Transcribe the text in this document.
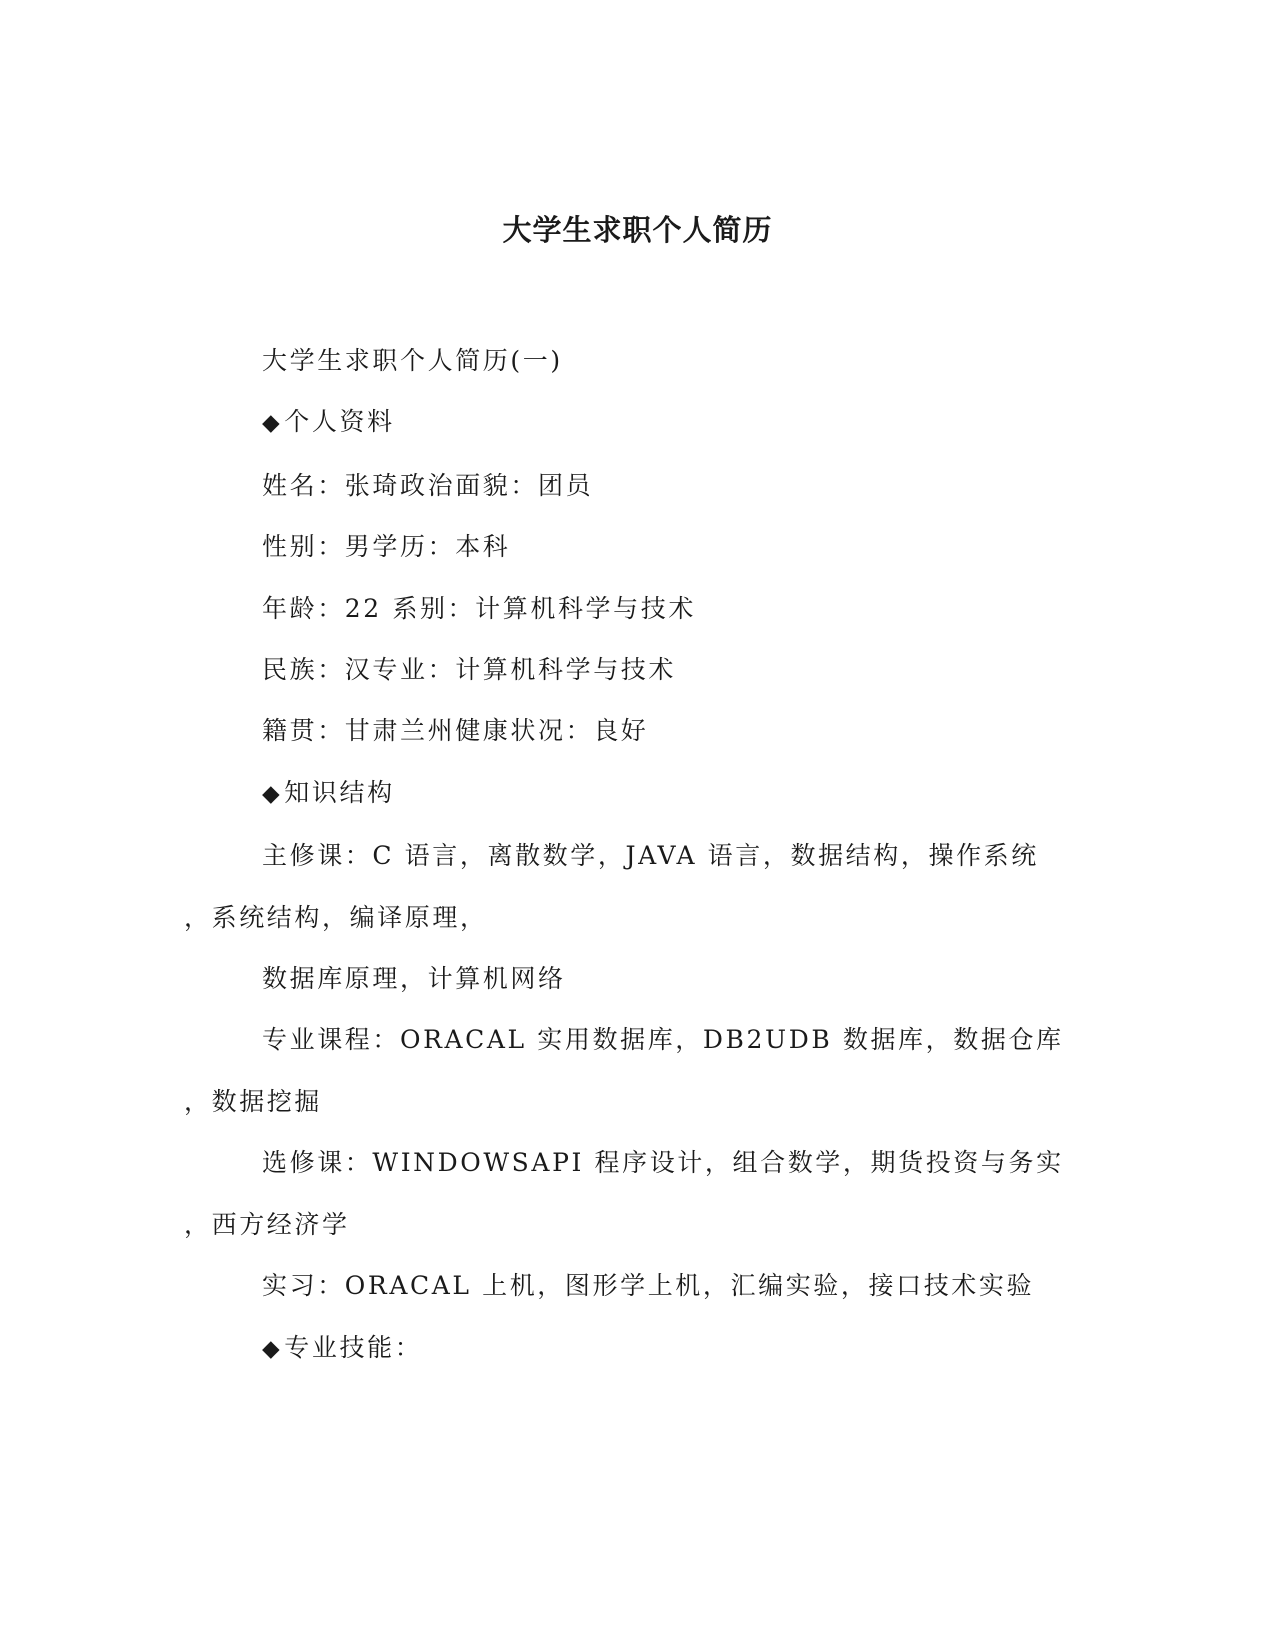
大学生求职个人简历

大学生求职个人简历(一)

◆个人资料

姓名：张琦政治面貌：团员

性别：男学历：本科

年龄：22 系别：计算机科学与技术

民族：汉专业：计算机科学与技术

籍贯：甘肃兰州健康状况：良好

◆知识结构

主修课：C 语言，离散数学，JAVA 语言，数据结构，操作系统
，系统结构，编译原理，

数据库原理，计算机网络

专业课程：ORACAL 实用数据库，DB2UDB 数据库，数据仓库
，数据挖掘
选修课：WINDOWSAPI 程序设计，组合数学，期货投资与务实
，西方经济学

实习：ORACAL 上机，图形学上机，汇编实验，接口技术实验

◆专业技能：
